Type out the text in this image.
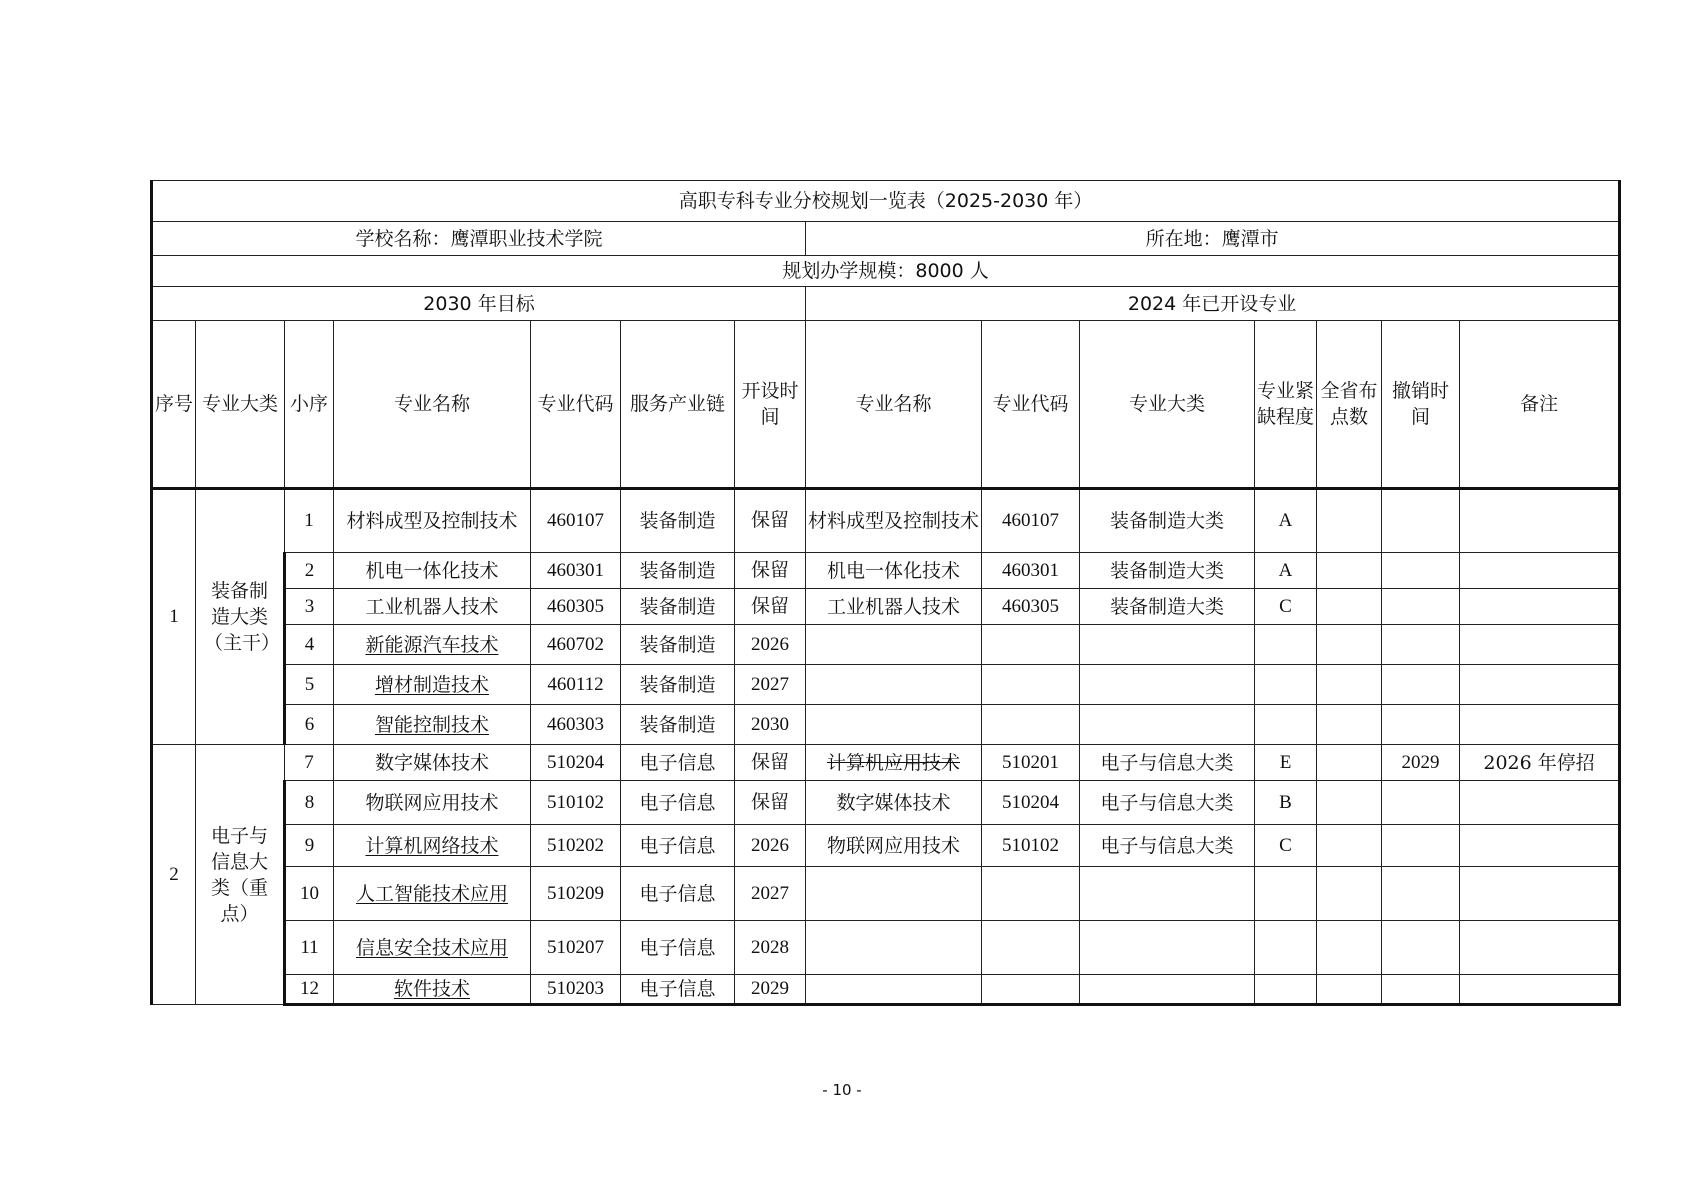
高职专科专业分校规划一览表（2025-2030 年）													
学校名称：鹰潭职业技术学院							所在地：鹰潭市						
规划办学规模：8000 人													
2030 年目标							2024 年已开设专业						
序号	专业大类	小序	专业名称	专业代码	服务产业链	开设时间	专业名称	专业代码	专业大类	专业紧缺程度	全省布点数	撤销时间	备注
1	装备制造大类（主干）	1	材料成型及控制技术	460107	装备制造	保留	材料成型及控制技术	460107	装备制造大类	A			
		2	机电一体化技术	460301	装备制造	保留	机电一体化技术	460301	装备制造大类	A			
		3	工业机器人技术	460305	装备制造	保留	工业机器人技术	460305	装备制造大类	C			
		4	新能源汽车技术	460702	装备制造	2026							
		5	增材制造技术	460112	装备制造	2027							
		6	智能控制技术	460303	装备制造	2030							
2	电子与信息大类（重点）	7	数字媒体技术	510204	电子信息	保留	计算机应用技术	510201	电子与信息大类	E		2029	2026 年停招
		8	物联网应用技术	510102	电子信息	保留	数字媒体技术	510204	电子与信息大类	B			
		9	计算机网络技术	510202	电子信息	2026	物联网应用技术	510102	电子与信息大类	C			
		10	人工智能技术应用	510209	电子信息	2027							
		11	信息安全技术应用	510207	电子信息	2028							
		12	软件技术	510203	电子信息	2029							
- 10 -
